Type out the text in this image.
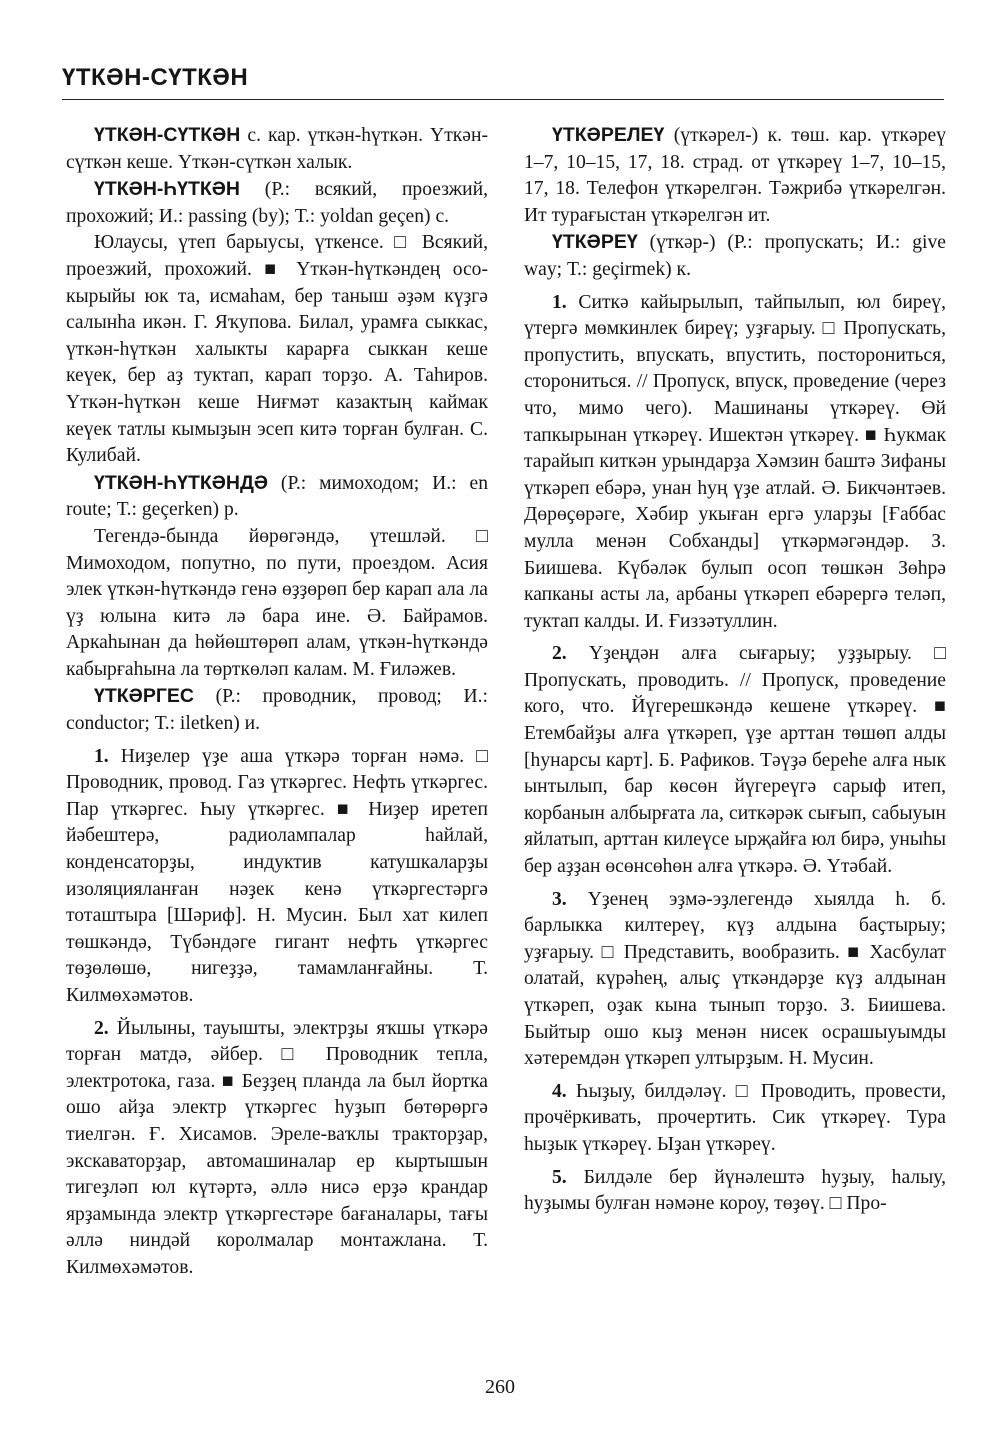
ҮТКӘН-СҮТКӘН

ҮТКӘН-СҮТКӘН с. кар. үткән-һүткән. Үткән-сүткән кеше. Үткән-сүткән халык.

ҮТКӘН-ҺҮТКӘН (Р.: всякий, проезжий, прохожий; И.: passing (by); Т.: yoldan geçen) с.

Юлаусы, үтеп барыусы, үткенсе. □ Всякий, проезжий, прохожий. ■ Үткән-һүткәндең осо-кырыйы юк та, исмаһам, бер таныш әҙәм күҙгә салынһа икән. Г. Яҡупова. Билал, урамға сыккас, үткән-һүткән халыкты карарға сыккан кеше кеүек, бер аҙ туктап, карап торҙо. А. Таһиров. Үткән-һүткән кеше Ниғмәт казактың каймак кеүек татлы кымыҙын эсеп китә торған булған. С. Кулибай.

ҮТКӘН-ҺҮТКӘНДӘ (Р.: мимоходом; И.: en route; Т.: geçerken) р.

Тегендә-бында йөрөгәндә, үтешләй. □ Мимоходом, попутно, по пути, проездом. Асия элек үткән-һүткәндә генә өҙҙөрөп бер карап ала ла үҙ юлына китә лә бара ине. Ә. Байрамов. Аркаһынан да һөйөштөрөп алам, үткән-һүткәндә кабырғаһына ла төрткөләп калам. М. Ғиләжев.

ҮТКӘРГЕС (Р.: проводник, провод; И.: conductor; Т.: iletken) и.

1. Ниҙелер үҙе аша үткәрә торған нәмә. □ Проводник, провод. Газ үткәргес. Нефть үткәргес. Пар үткәргес. Һыу үткәргес. ■ Ниҙер иретеп йәбештерә, радиолампалар һайлай, конденсаторҙы, индуктив катушкаларҙы изоляцияланған нәҙек кенә үткәргестәргә тоташтыра [Шәриф]. Н. Мусин. Был хат килеп төшкәндә, Түбәндәге гигант нефть үткәргес төҙөлөшө, нигеҙҙә, тамамланғайны. Т. Килмөхәмәтов.

2. Йылыны, тауышты, электрҙы яҡшы үткәрә торған матдә, әйбер. □ Проводник тепла, электротока, газа. ■ Беҙҙең планда ла был йортка ошо айҙа электр үткәргес һуҙып бөтөрөргә тиелгән. Ғ. Хисамов. Эреле-ваҡлы тракторҙар, экскаваторҙар, автомашиналар ер кыртышын тигеҙләп юл күтәртә, әллә нисә ерҙә крандар ярҙамында электр үткәргестәре бағаналары, тағы әллә ниндәй королмалар монтажлана. Т. Килмөхәмәтов.

ҮТКӘРЕЛЕҮ (үткәрел-) к. төш. кар. үткәреү 1–7, 10–15, 17, 18. страд. от үткәреү 1–7, 10–15, 17, 18. Телефон үткәрелгән. Тәжрибә үткәрелгән. Ит турағыстан үткәрелгән ит.

ҮТКӘРЕҮ (үткәр-) (Р.: пропускать; И.: give way; Т.: geçirmek) к.

1. Ситкә кайырылып, тайпылып, юл биреү, үтергә мөмкинлек биреү; уҙғарыу. □ Пропускать, пропустить, впускать, впустить, посторониться, сторониться. // Пропуск, впуск, проведение (через что, мимо чего). Машинаны үткәреү. Өй тапкырынан үткәреү. Ишектән үткәреү. ■ Һукмак тарайып киткән урындарҙа Хәмзин баштә Зифаны үткәреп ебәрә, унан һуң үҙе атлай. Ә. Бикчәнтәев. Дөрөҫөрәге, Хәбир укыған ергә уларҙы [Ғаббас мулла менән Собханды] үткәрмәгәндәр. З. Биишева. Күбәләк булып осоп төшкән Зөһрә капканы асты ла, арбаны үткәреп ебәрергә теләп, туктап калды. И. Ғиззәтуллин.

2. Үҙеңдән алға сығарыу; уҙҙырыу. □ Пропускать, проводить. // Пропуск, проведение кого, что. Йүгерешкәндә кешене үткәреү. ■ Етембайҙы алға үткәреп, үҙе арттан төшөп алды [һунарсы карт]. Б. Рафиков. Тәүҙә береһе алға нык ынтылып, бар көсөн йүгереүгә сарыф итеп, корбанын албырғата ла, ситкәрәк сығып, сабыуын яйлатып, арттан килеүсе ырҗайға юл бирә, уныһы бер аҙҙан өсөнсөһөн алға үткәрә. Ә. Үтәбай.

3. Үҙенең эҙмә-эҙлегендә хыялда һ. б. барлыкка килтереү, күҙ алдына баҫтырыу; уҙғарыу. □ Представить, вообразить. ■ Хасбулат олатай, күрәһең, алыҫ үткәндәрҙе күҙ алдынан үткәреп, оҙак кына тынып торҙо. З. Биишева. Быйтыр ошо кыҙ менән нисек осрашыуымды хәтеремдән үткәреп ултырҙым. Н. Мусин.

4. Һыҙыу, билдәләү. □ Проводить, провести, прочёркивать, прочертить. Сик үткәреү. Тура һыҙык үткәреү. Ыҙан үткәреү.

5. Билдәле бер йүнәлештә һуҙыу, һалыу, һуҙымы булған нәмәне короу, төҙөү. □ Про-

260
